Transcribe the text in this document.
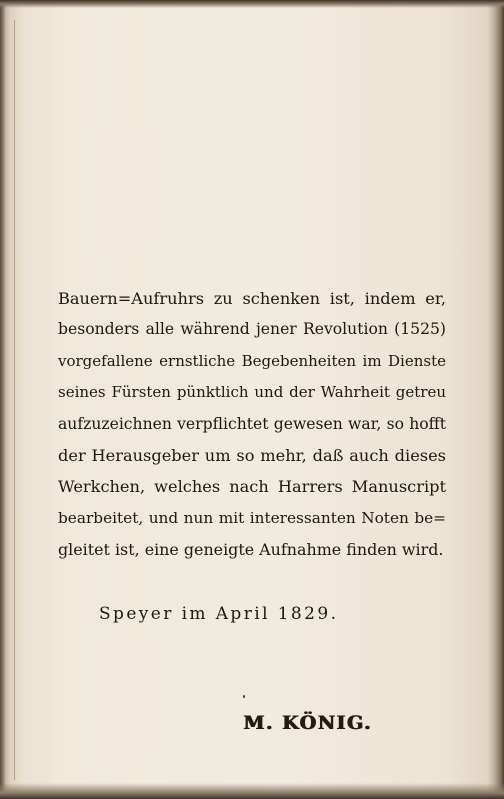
Bauern=Aufruhrs zu schenken ist, indem er,
besonders alle während jener Revolution (1525)
vorgefallene ernstliche Begebenheiten im Dienste
seines Fürsten pünktlich und der Wahrheit getreu
aufzuzeichnen verpflichtet gewesen war, so hofft
der Herausgeber um so mehr, daß auch dieses
Werkchen, welches nach Harrers Manuscript
bearbeitet, und nun mit interessanten Noten be=
gleitet ist, eine geneigte Aufnahme finden wird.
Speyer im April 1829.
M. KÖNIG.
